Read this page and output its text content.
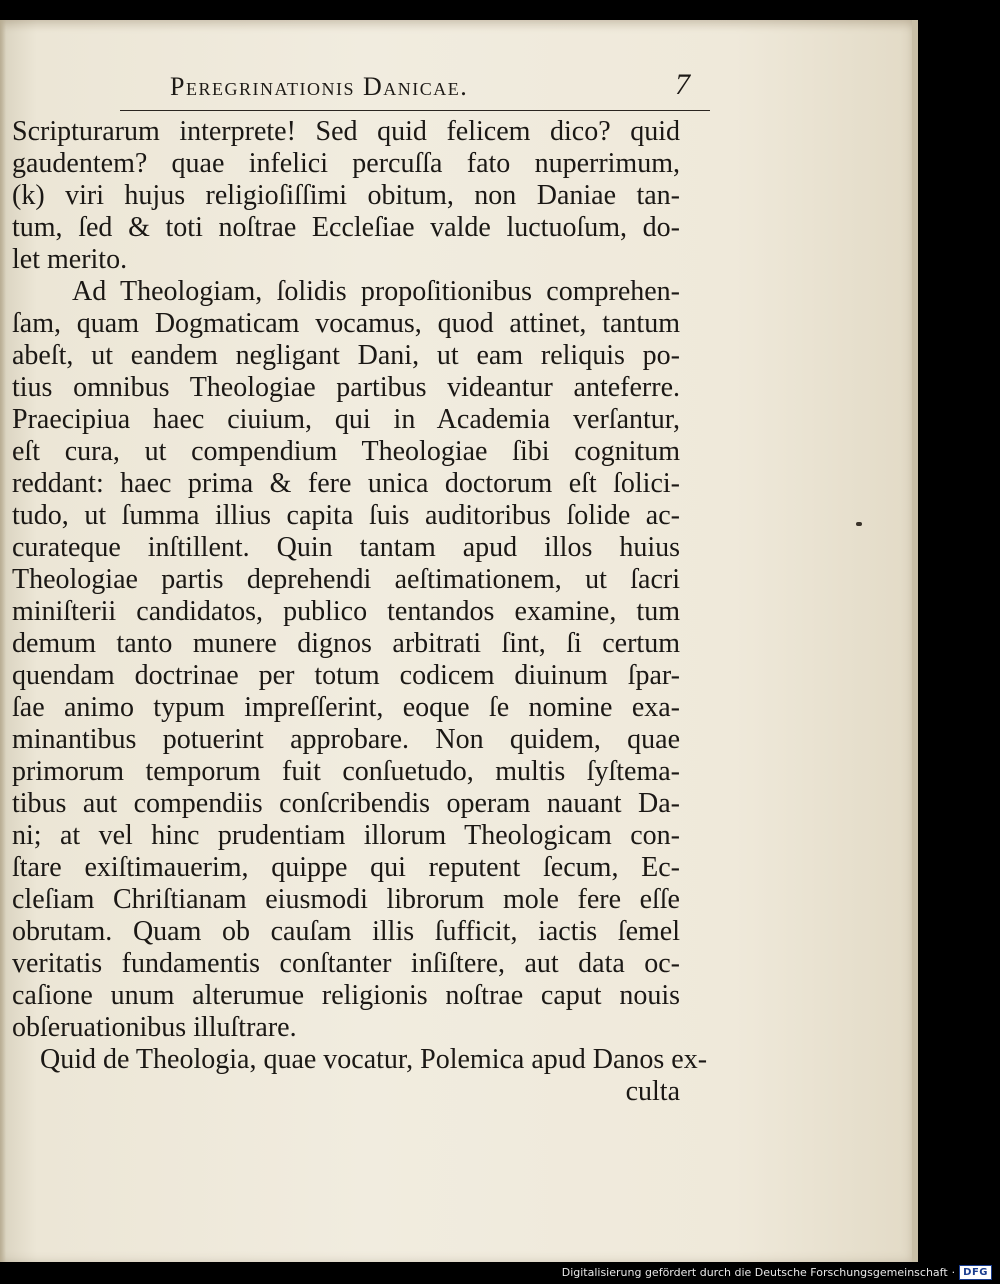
Peregrinationis Danicae.	7
Scripturarum interprete! Sed quid felicem dico? quid
gaudentem? quae infelici percuſſa fato nuperrimum,
(k) viri hujus religioſiſſimi obitum, non Daniae tan-
tum, ſed & toti noſtrae Eccleſiae valde luctuoſum, do-
let merito.
Ad Theologiam, ſolidis propoſitionibus comprehen-
ſam, quam Dogmaticam vocamus, quod attinet, tantum
abeſt, ut eandem negligant Dani, ut eam reliquis po-
tius omnibus Theologiae partibus videantur anteferre.
Praecipiua haec ciuium, qui in Academia verſantur,
eſt cura, ut compendium Theologiae ſibi cognitum
reddant: haec prima & fere unica doctorum eſt ſolici-
tudo, ut ſumma illius capita ſuis auditoribus ſolide ac-
curateque inſtillent. Quin tantam apud illos huius
Theologiae partis deprehendi aeſtimationem, ut ſacri
miniſterii candidatos, publico tentandos examine, tum
demum tanto munere dignos arbitrati ſint, ſi certum
quendam doctrinae per totum codicem diuinum ſpar-
ſae animo typum impreſſerint, eoque ſe nomine exa-
minantibus potuerint approbare. Non quidem, quae
primorum temporum fuit conſuetudo, multis ſyſtema-
tibus aut compendiis conſcribendis operam nauant Da-
ni; at vel hinc prudentiam illorum Theologicam con-
ſtare exiſtimauerim, quippe qui reputent ſecum, Ec-
cleſiam Chriſtianam eiusmodi librorum mole fere eſſe
obrutam. Quam ob cauſam illis ſufficit, iactis ſemel
veritatis fundamentis conſtanter inſiſtere, aut data oc-
caſione unum alterumue religionis noſtrae caput nouis
obſeruationibus illuſtrare.
Quid de Theologia, quae vocatur, Polemica apud Danos ex-
culta
Digitalisierung gefördert durch die Deutsche Forschungsgemeinschaft · DFG
